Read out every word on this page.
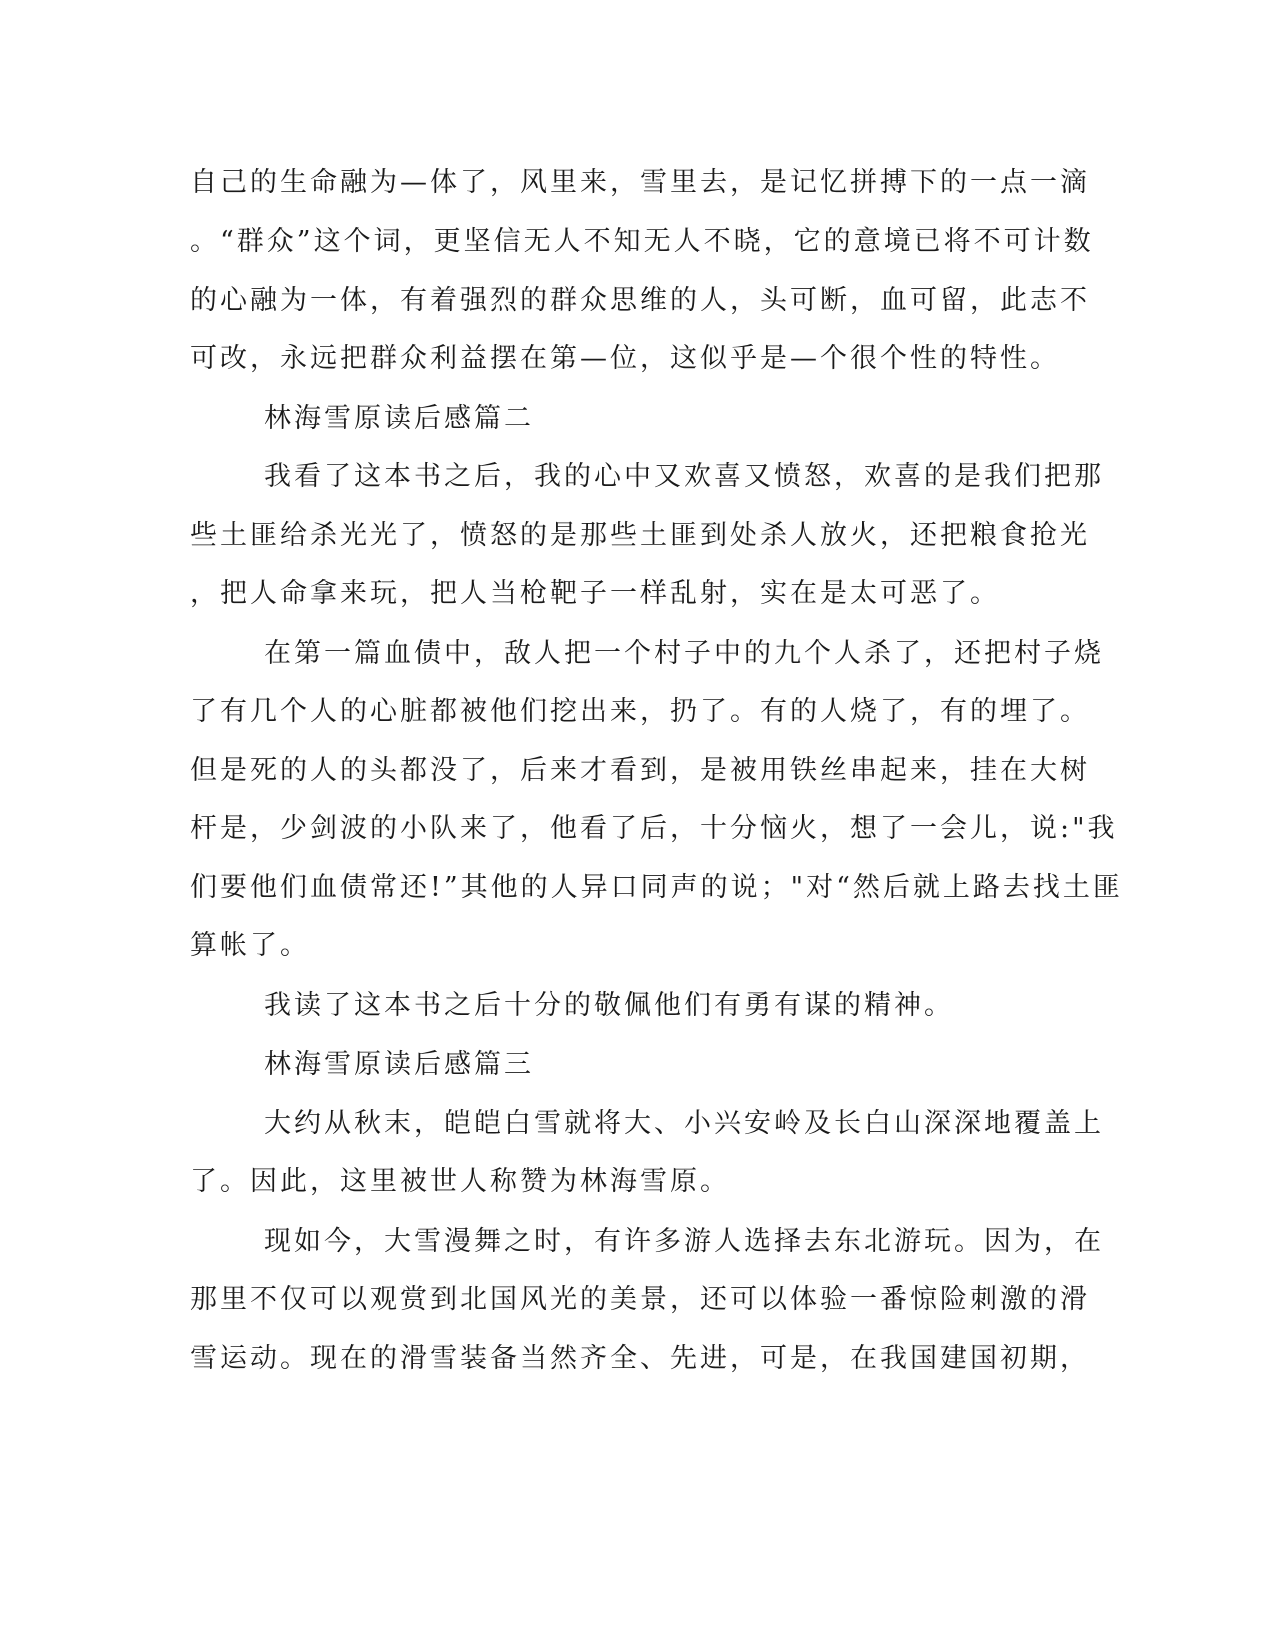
自己的生命融为—体了，风里来，雪里去，是记忆拼搏下的一点一滴
。“群众”这个词，更坚信无人不知无人不晓，它的意境已将不可计数
的心融为一体，有着强烈的群众思维的人，头可断，血可留，此志不
可改，永远把群众利益摆在第—位，这似乎是—个很个性的特性。
林海雪原读后感篇二
我看了这本书之后，我的心中又欢喜又愤怒，欢喜的是我们把那
些土匪给杀光光了，愤怒的是那些土匪到处杀人放火，还把粮食抢光
，把人命拿来玩，把人当枪靶子一样乱射，实在是太可恶了。
在第一篇血债中，敌人把一个村子中的九个人杀了，还把村子烧
了有几个人的心脏都被他们挖出来，扔了。有的人烧了，有的埋了。
但是死的人的头都没了，后来才看到，是被用铁丝串起来，挂在大树
杆是，少剑波的小队来了，他看了后，十分恼火，想了一会儿，说:"我
们要他们血债常还!”其他的人异口同声的说；"对“然后就上路去找土匪
算帐了。
我读了这本书之后十分的敬佩他们有勇有谋的精神。
林海雪原读后感篇三
大约从秋末，皑皑白雪就将大、小兴安岭及长白山深深地覆盖上
了。因此，这里被世人称赞为林海雪原。
现如今，大雪漫舞之时，有许多游人选择去东北游玩。因为，在
那里不仅可以观赏到北国风光的美景，还可以体验一番惊险刺激的滑
雪运动。现在的滑雪装备当然齐全、先进，可是，在我国建国初期，
